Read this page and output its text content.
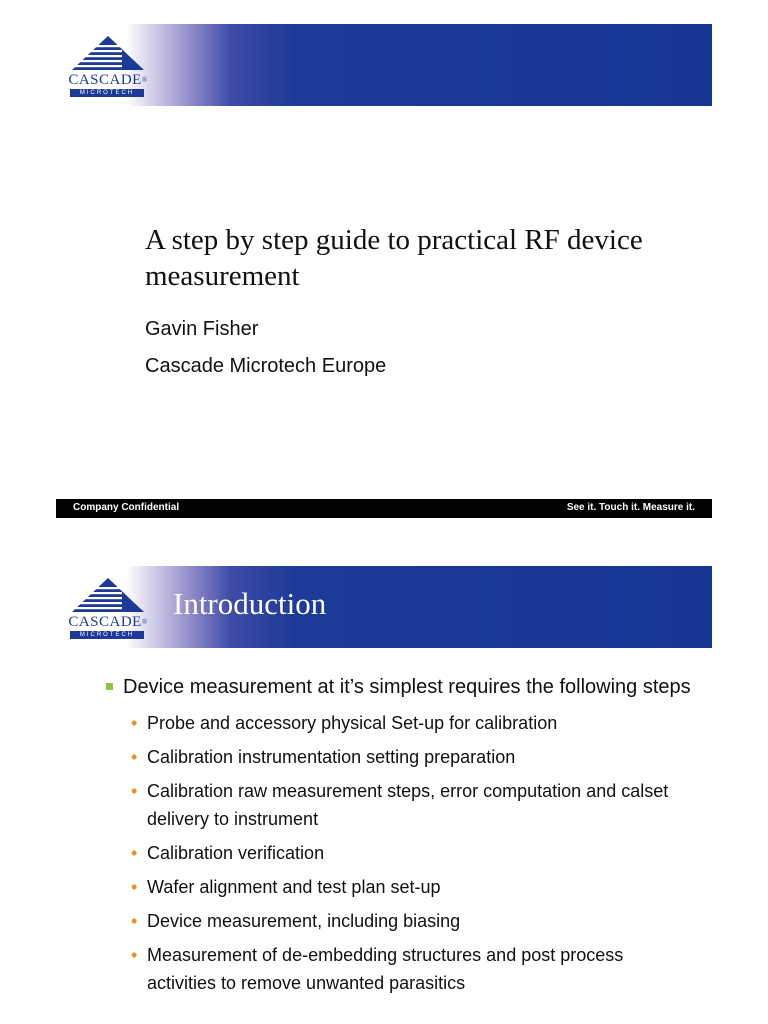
CASCADE®
MICROTECH
A step by step guide to practical RF device measurement
Gavin Fisher
Cascade Microtech Europe
Company Confidential	See it. Touch it. Measure it.
CASCADE®
MICROTECH
Introduction
Device measurement at it’s simplest requires the following steps
• Probe and accessory physical Set-up for calibration
• Calibration instrumentation setting preparation
• Calibration raw measurement steps, error computation and calset delivery to instrument
• Calibration verification
• Wafer alignment and test plan set-up
• Device measurement, including biasing
• Measurement of de-embedding structures and post process activities to remove unwanted parasitics
